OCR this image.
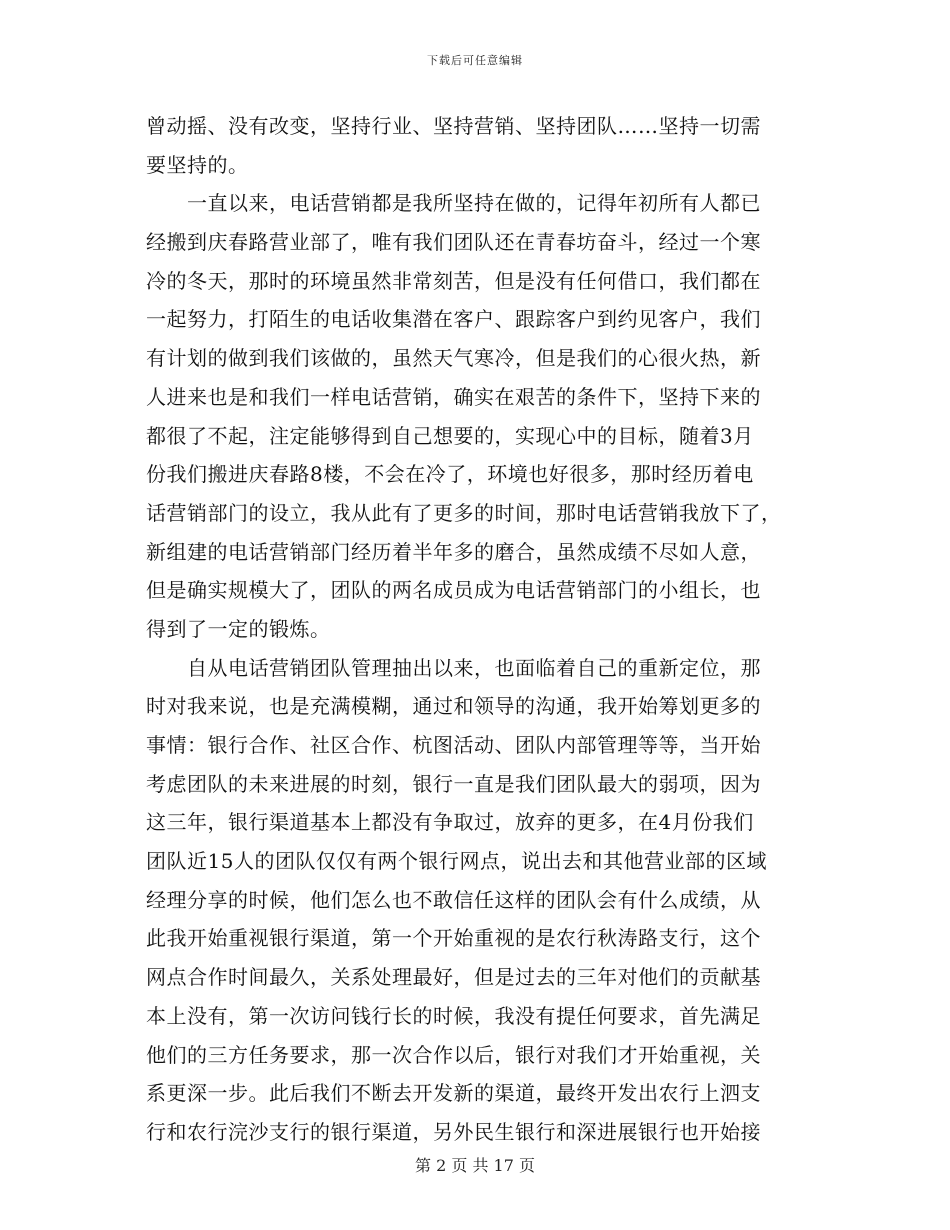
下载后可任意编辑
曾动摇、没有改变，坚持行业、坚持营销、坚持团队……坚持一切需
要坚持的。
　　一直以来，电话营销都是我所坚持在做的，记得年初所有人都已
经搬到庆春路营业部了，唯有我们团队还在青春坊奋斗，经过一个寒
冷的冬天，那时的环境虽然非常刻苦，但是没有任何借口，我们都在
一起努力，打陌生的电话收集潜在客户、跟踪客户到约见客户，我们
有计划的做到我们该做的，虽然天气寒冷，但是我们的心很火热，新
人进来也是和我们一样电话营销，确实在艰苦的条件下，坚持下来的
都很了不起，注定能够得到自己想要的，实现心中的目标，随着3月
份我们搬进庆春路8楼，不会在冷了，环境也好很多，那时经历着电
话营销部门的设立，我从此有了更多的时间，那时电话营销我放下了，
新组建的电话营销部门经历着半年多的磨合，虽然成绩不尽如人意，
但是确实规模大了，团队的两名成员成为电话营销部门的小组长，也
得到了一定的锻炼。
　　自从电话营销团队管理抽出以来，也面临着自己的重新定位，那
时对我来说，也是充满模糊，通过和领导的沟通，我开始筹划更多的
事情：银行合作、社区合作、杭图活动、团队内部管理等等，当开始
考虑团队的未来进展的时刻，银行一直是我们团队最大的弱项，因为
这三年，银行渠道基本上都没有争取过，放弃的更多，在4月份我们
团队近15人的团队仅仅有两个银行网点，说出去和其他营业部的区域
经理分享的时候，他们怎么也不敢信任这样的团队会有什么成绩，从
此我开始重视银行渠道，第一个开始重视的是农行秋涛路支行，这个
网点合作时间最久，关系处理最好，但是过去的三年对他们的贡献基
本上没有，第一次访问钱行长的时候，我没有提任何要求，首先满足
他们的三方任务要求，那一次合作以后，银行对我们才开始重视，关
系更深一步。此后我们不断去开发新的渠道，最终开发出农行上泗支
行和农行浣沙支行的银行渠道，另外民生银行和深进展银行也开始接
第 2 页 共 17 页
